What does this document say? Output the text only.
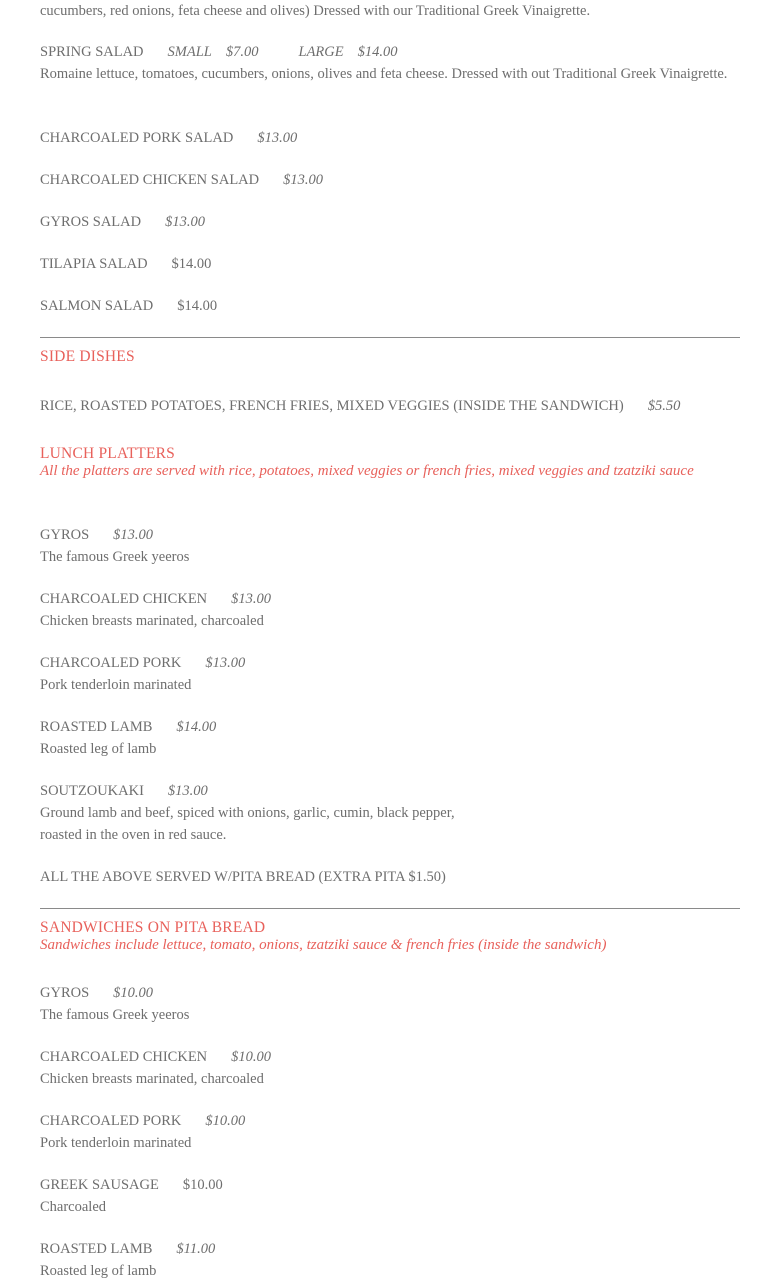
cucumbers, red onions, feta cheese and olives) Dressed with our Traditional Greek Vinaigrette.
SPRING SALAD SMALL $7.00	LARGE $14.00
Romaine lettuce, tomatoes, cucumbers, onions, olives and feta cheese. Dressed with out Traditional Greek Vinaigrette.
CHARCOALED PORK SALAD $13.00
CHARCOALED CHICKEN SALAD $13.00
GYROS SALAD $13.00
TILAPIA SALAD $14.00
SALMON SALAD $14.00
SIDE DISHES
RICE, ROASTED POTATOES, FRENCH FRIES, MIXED VEGGIES (INSIDE THE SANDWICH) $5.50
LUNCH PLATTERS
All the platters are served with rice, potatoes, mixed veggies or french fries, mixed veggies and tzatziki sauce
GYROS $13.00
The famous Greek yeeros
CHARCOALED CHICKEN $13.00
Chicken breasts marinated, charcoaled
CHARCOALED PORK $13.00
Pork tenderloin marinated
ROASTED LAMB $14.00
Roasted leg of lamb
SOUTZOUKAKI $13.00
Ground lamb and beef, spiced with onions, garlic, cumin, black pepper,
roasted in the oven in red sauce.
ALL THE ABOVE SERVED W/PITA BREAD (EXTRA PITA $1.50)
SANDWICHES ON PITA BREAD
Sandwiches include lettuce, tomato, onions, tzatziki sauce & french fries (inside the sandwich)
GYROS $10.00
The famous Greek yeeros
CHARCOALED CHICKEN $10.00
Chicken breasts marinated, charcoaled
CHARCOALED PORK $10.00
Pork tenderloin marinated
GREEK SAUSAGE $10.00
Charcoaled
ROASTED LAMB $11.00
Roasted leg of lamb
